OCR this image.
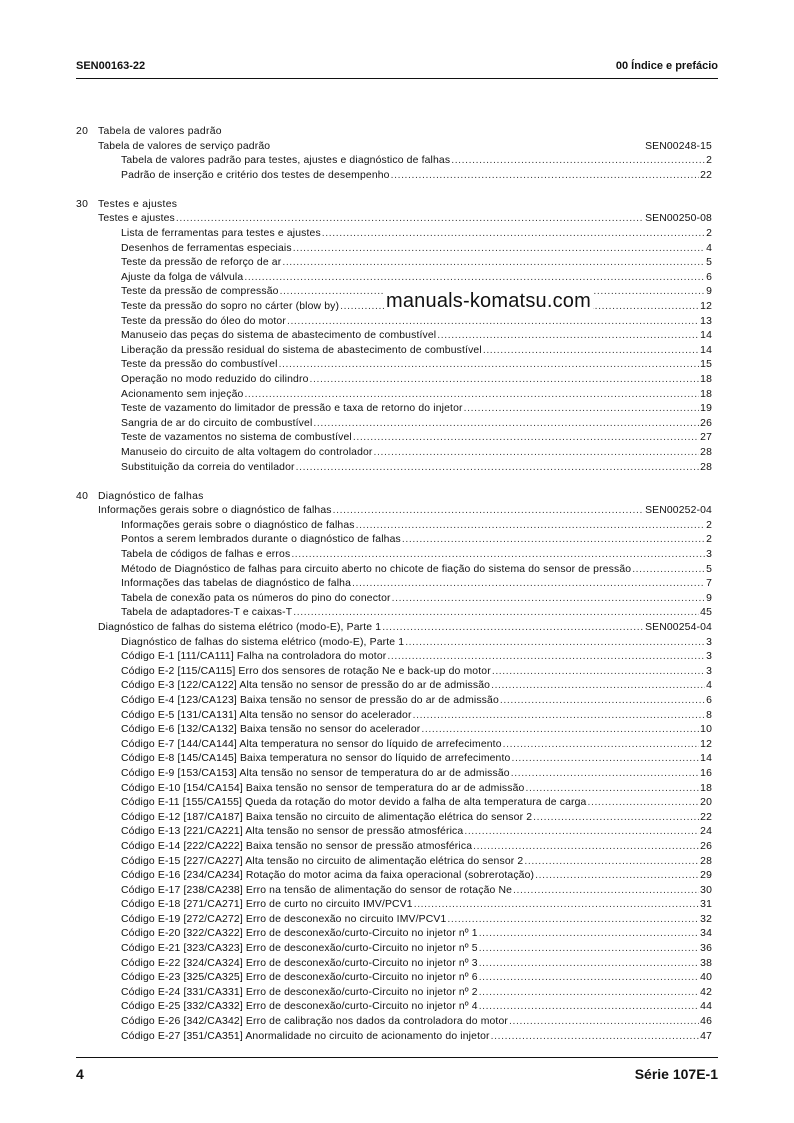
SEN00163-22	00 Índice e prefácio
20 Tabela de valores padrão
Tabela de valores de serviço padrão	SEN00248-15
Tabela de valores padrão para testes, ajustes e diagnóstico de falhas .....	2
Padrão de inserção e critério dos testes de desempenho .....	22
30 Testes e ajustes
Testes e ajustes .....	SEN00250-08
Lista de ferramentas para testes e ajustes .....	2
Desenhos de ferramentas especiais .....	4
Teste da pressão de reforço de ar .....	5
Ajuste da folga de válvula .....	6
Teste da pressão de compressão .....	9
Teste da pressão do sopro no cárter (blow by) .....	12
Teste da pressão do óleo do motor .....	13
Manuseio das peças do sistema de abastecimento de combustível .....	14
Liberação da pressão residual do sistema de abastecimento de combustível .....	14
Teste da pressão do combustível .....	15
Operação no modo reduzido do cilindro .....	18
Acionamento sem injeção .....	18
Teste de vazamento do limitador de pressão e taxa de retorno do injetor .....	19
Sangria de ar do circuito de combustível .....	26
Teste de vazamentos no sistema de combustível .....	27
Manuseio do circuito de alta voltagem do controlador .....	28
Substituição da correia do ventilador .....	28
40 Diagnóstico de falhas
Informações gerais sobre o diagnóstico de falhas .....	SEN00252-04
Informações gerais sobre o diagnóstico de falhas .....	2
Pontos a serem lembrados durante o diagnóstico de falhas .....	2
Tabela de códigos de falhas e erros .....	3
Método de Diagnóstico de falhas para circuito aberto no chicote de fiação do sistema do sensor de pressão .....	5
Informações das tabelas de diagnóstico de falha .....	7
Tabela de conexão pata os números do pino do conector .....	9
Tabela de adaptadores-T e caixas-T .....	45
Diagnóstico de falhas do sistema elétrico (modo-E), Parte 1 .....	SEN00254-04
Diagnóstico de falhas do sistema elétrico (modo-E), Parte 1 .....	3
Código E-1 [111/CA111] Falha na controladora do motor .....	3
Código E-2 [115/CA115] Erro dos sensores de rotação Ne e back-up do motor .....	3
Código E-3 [122/CA122] Alta tensão no sensor de pressão do ar de admissão .....	4
Código E-4 [123/CA123] Baixa tensão no sensor de pressão do ar de admissão .....	6
Código E-5 [131/CA131] Alta tensão no sensor do acelerador .....	8
Código E-6 [132/CA132] Baixa tensão no sensor do acelerador .....	10
Código E-7 [144/CA144] Alta temperatura no sensor do líquido de arrefecimento .....	12
Código E-8 [145/CA145] Baixa temperatura no sensor do líquido de arrefecimento .....	14
Código E-9 [153/CA153] Alta tensão no sensor de temperatura do ar de admissão .....	16
Código E-10 [154/CA154] Baixa tensão no sensor de temperatura do ar de admissão .....	18
Código E-11 [155/CA155] Queda da rotação do motor devido a falha de alta temperatura de carga .....	20
Código E-12 [187/CA187] Baixa tensão no circuito de alimentação elétrica do sensor 2 .....	22
Código E-13 [221/CA221] Alta tensão no sensor de pressão atmosférica .....	24
Código E-14 [222/CA222] Baixa tensão no sensor de pressão atmosférica .....	26
Código E-15 [227/CA227] Alta tensão no circuito de alimentação elétrica do sensor 2 .....	28
Código E-16 [234/CA234] Rotação do motor acima da faixa operacional (sobrerotação) .....	29
Código E-17 [238/CA238] Erro na tensão de alimentação do sensor de rotação Ne .....	30
Código E-18 [271/CA271] Erro de curto no circuito IMV/PCV1 .....	31
Código E-19 [272/CA272] Erro de desconexão no circuito IMV/PCV1 .....	32
Código E-20 [322/CA322] Erro de desconexão/curto-Circuito no injetor nº 1 .....	34
Código E-21 [323/CA323] Erro de desconexão/curto-Circuito no injetor nº 5 .....	36
Código E-22 [324/CA324] Erro de desconexão/curto-Circuito no injetor nº 3 .....	38
Código E-23 [325/CA325] Erro de desconexão/curto-Circuito no injetor nº 6 .....	40
Código E-24 [331/CA331] Erro de desconexão/curto-Circuito no injetor nº 2 .....	42
Código E-25 [332/CA332] Erro de desconexão/curto-Circuito no injetor nº 4 .....	44
Código E-26 [342/CA342] Erro de calibração nos dados da controladora do motor .....	46
Código E-27 [351/CA351] Anormalidade no circuito de acionamento do injetor .....	47
manuals-komatsu.com
4	Série 107E-1
